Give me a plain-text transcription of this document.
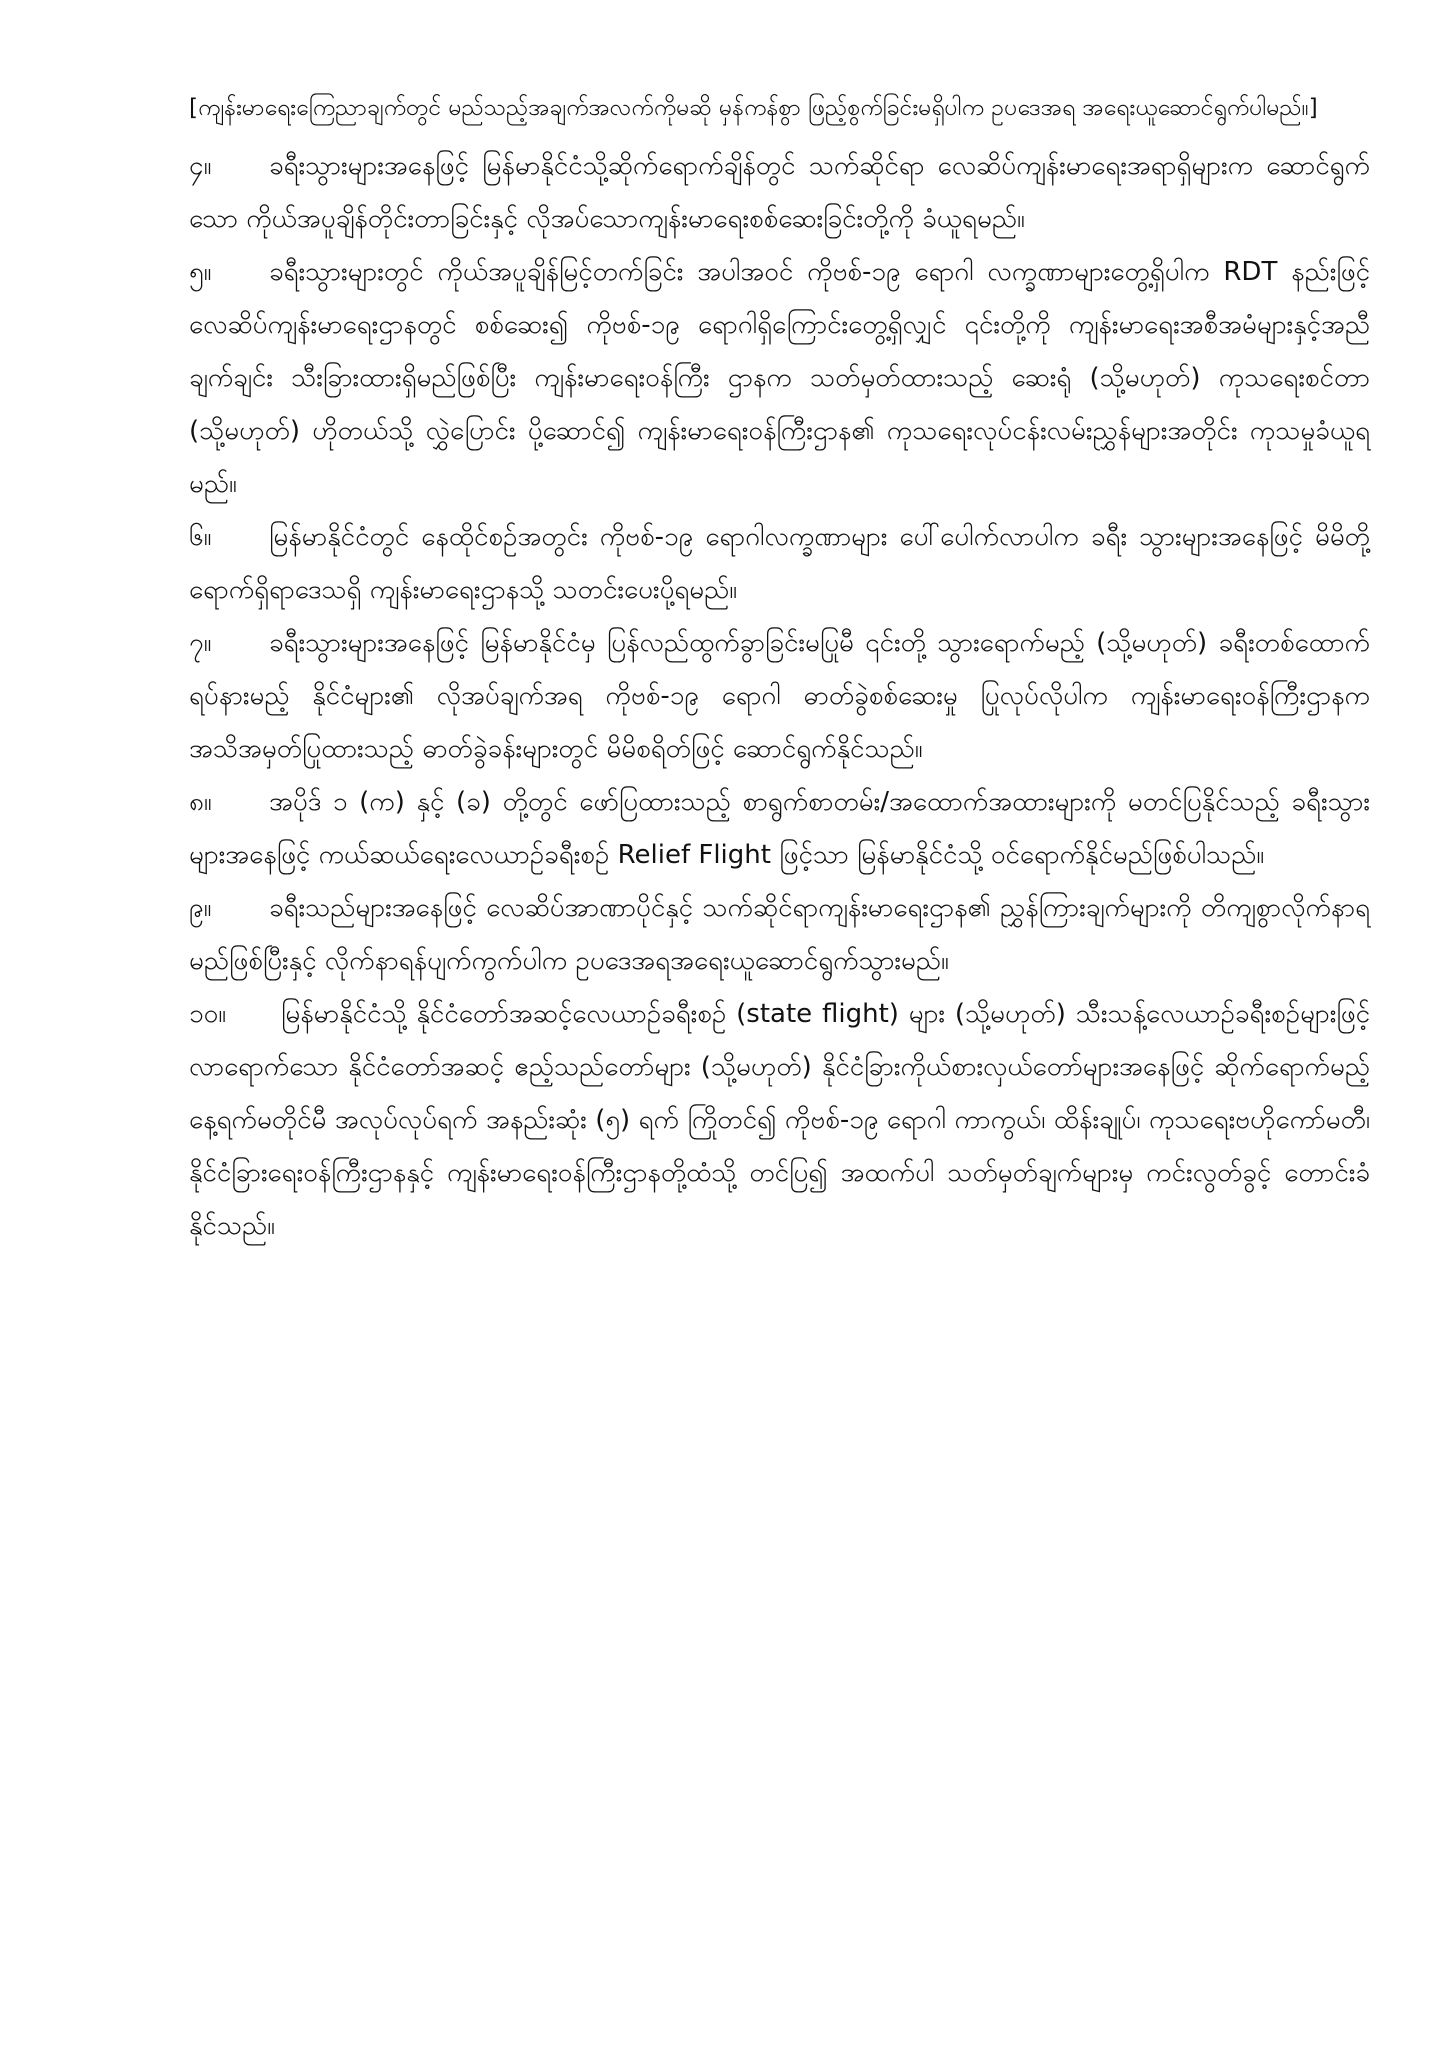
[ကျန်းမာရေးကြေညာချက်တွင် မည်သည့်အချက်အလက်ကိုမဆို မှန်ကန်စွာ ဖြည့်စွက်ခြင်းမရှိပါက ဥပဒေအရ အရေးယူဆောင်ရွက်ပါမည်။]

၄။ ခရီးသွားများအနေဖြင့် မြန်မာနိုင်ငံသို့ဆိုက်ရောက်ချိန်တွင် သက်ဆိုင်ရာ လေဆိပ်ကျန်းမာရေးအရာရှိများက ဆောင်ရွက်သော ကိုယ်အပူချိန်တိုင်းတာခြင်းနှင့် လိုအပ်သောကျန်းမာရေးစစ်ဆေးခြင်းတို့ကို ခံယူရမည်။

၅။ ခရီးသွားများတွင် ကိုယ်အပူချိန်မြင့်တက်ခြင်း အပါအဝင် ကိုဗစ်-၁၉ ရောဂါ လက္ခဏာများတွေ့ရှိပါက RDT နည်းဖြင့် လေဆိပ်ကျန်းမာရေးဌာနတွင် စစ်ဆေး၍ ကိုဗစ်-၁၉ ရောဂါရှိကြောင်းတွေ့ရှိလျှင် ၎င်းတို့ကို ကျန်းမာရေးအစီအမံများနှင့်အညီ ချက်ချင်း သီးခြားထားရှိမည်ဖြစ်ပြီး ကျန်းမာရေးဝန်ကြီး ဌာနက သတ်မှတ်ထားသည့် ဆေးရုံ (သို့မဟုတ်) ကုသရေးစင်တာ (သို့မဟုတ်) ဟိုတယ်သို့ လွှဲပြောင်း ပို့ဆောင်၍ ကျန်းမာရေးဝန်ကြီးဌာန၏ ကုသရေးလုပ်ငန်းလမ်းညွှန်များအတိုင်း ကုသမှုခံယူရမည်။

၆။ မြန်မာနိုင်ငံတွင် နေထိုင်စဉ်အတွင်း ကိုဗစ်-၁၉ ရောဂါလက္ခဏာများ ပေါ်ပေါက်လာပါက ခရီး သွားများအနေဖြင့် မိမိတို့ရောက်ရှိရာဒေသရှိ ကျန်းမာရေးဌာနသို့ သတင်းပေးပို့ရမည်။

၇။ ခရီးသွားများအနေဖြင့် မြန်မာနိုင်ငံမှ ပြန်လည်ထွက်ခွာခြင်းမပြုမီ ၎င်းတို့ သွားရောက်မည့် (သို့မဟုတ်) ခရီးတစ်ထောက်ရပ်နားမည့် နိုင်ငံများ၏ လိုအပ်ချက်အရ ကိုဗစ်-၁၉ ရောဂါ ဓာတ်ခွဲစစ်ဆေးမှု ပြုလုပ်လိုပါက ကျန်းမာရေးဝန်ကြီးဌာနက အသိအမှတ်ပြုထားသည့် ဓာတ်ခွဲခန်းများတွင် မိမိစရိတ်ဖြင့် ဆောင်ရွက်နိုင်သည်။

၈။ အပိုဒ် ၁ (က) နှင့် (ခ) တို့တွင် ဖော်ပြထားသည့် စာရွက်စာတမ်း/အထောက်အထားများကို မတင်ပြနိုင်သည့် ခရီးသွားများအနေဖြင့် ကယ်ဆယ်ရေးလေယာဉ်ခရီးစဉ် Relief Flight ဖြင့်သာ မြန်မာနိုင်ငံသို့ ဝင်ရောက်နိုင်မည်ဖြစ်ပါသည်။

၉။ ခရီးသည်များအနေဖြင့် လေဆိပ်အာဏာပိုင်နှင့် သက်ဆိုင်ရာကျန်းမာရေးဌာန၏ ညွှန်ကြားချက်များကို တိကျစွာလိုက်နာရမည်ဖြစ်ပြီးနှင့် လိုက်နာရန်ပျက်ကွက်ပါက ဥပဒေအရအရေးယူဆောင်ရွက်သွားမည်။

၁၀။ မြန်မာနိုင်ငံသို့ နိုင်ငံတော်အဆင့်လေယာဉ်ခရီးစဉ် (state flight) များ (သို့မဟုတ်) သီးသန့်လေယာဉ်ခရီးစဉ်များဖြင့် လာရောက်သော နိုင်ငံတော်အဆင့် ဧည့်သည်တော်များ (သို့မဟုတ်) နိုင်ငံခြားကိုယ်စားလှယ်တော်များအနေဖြင့် ဆိုက်ရောက်မည့် နေ့ရက်မတိုင်မီ အလုပ်လုပ်ရက် အနည်းဆုံး (၅) ရက် ကြိုတင်၍ ကိုဗစ်-၁၉ ရောဂါ ကာကွယ်၊ ထိန်းချုပ်၊ ကုသရေးဗဟိုကော်မတီ၊ နိုင်ငံခြားရေးဝန်ကြီးဌာနနှင့် ကျန်းမာရေးဝန်ကြီးဌာနတို့ထံသို့ တင်ပြ၍ အထက်ပါ သတ်မှတ်ချက်များမှ ကင်းလွတ်ခွင့် တောင်းခံနိုင်သည်။
